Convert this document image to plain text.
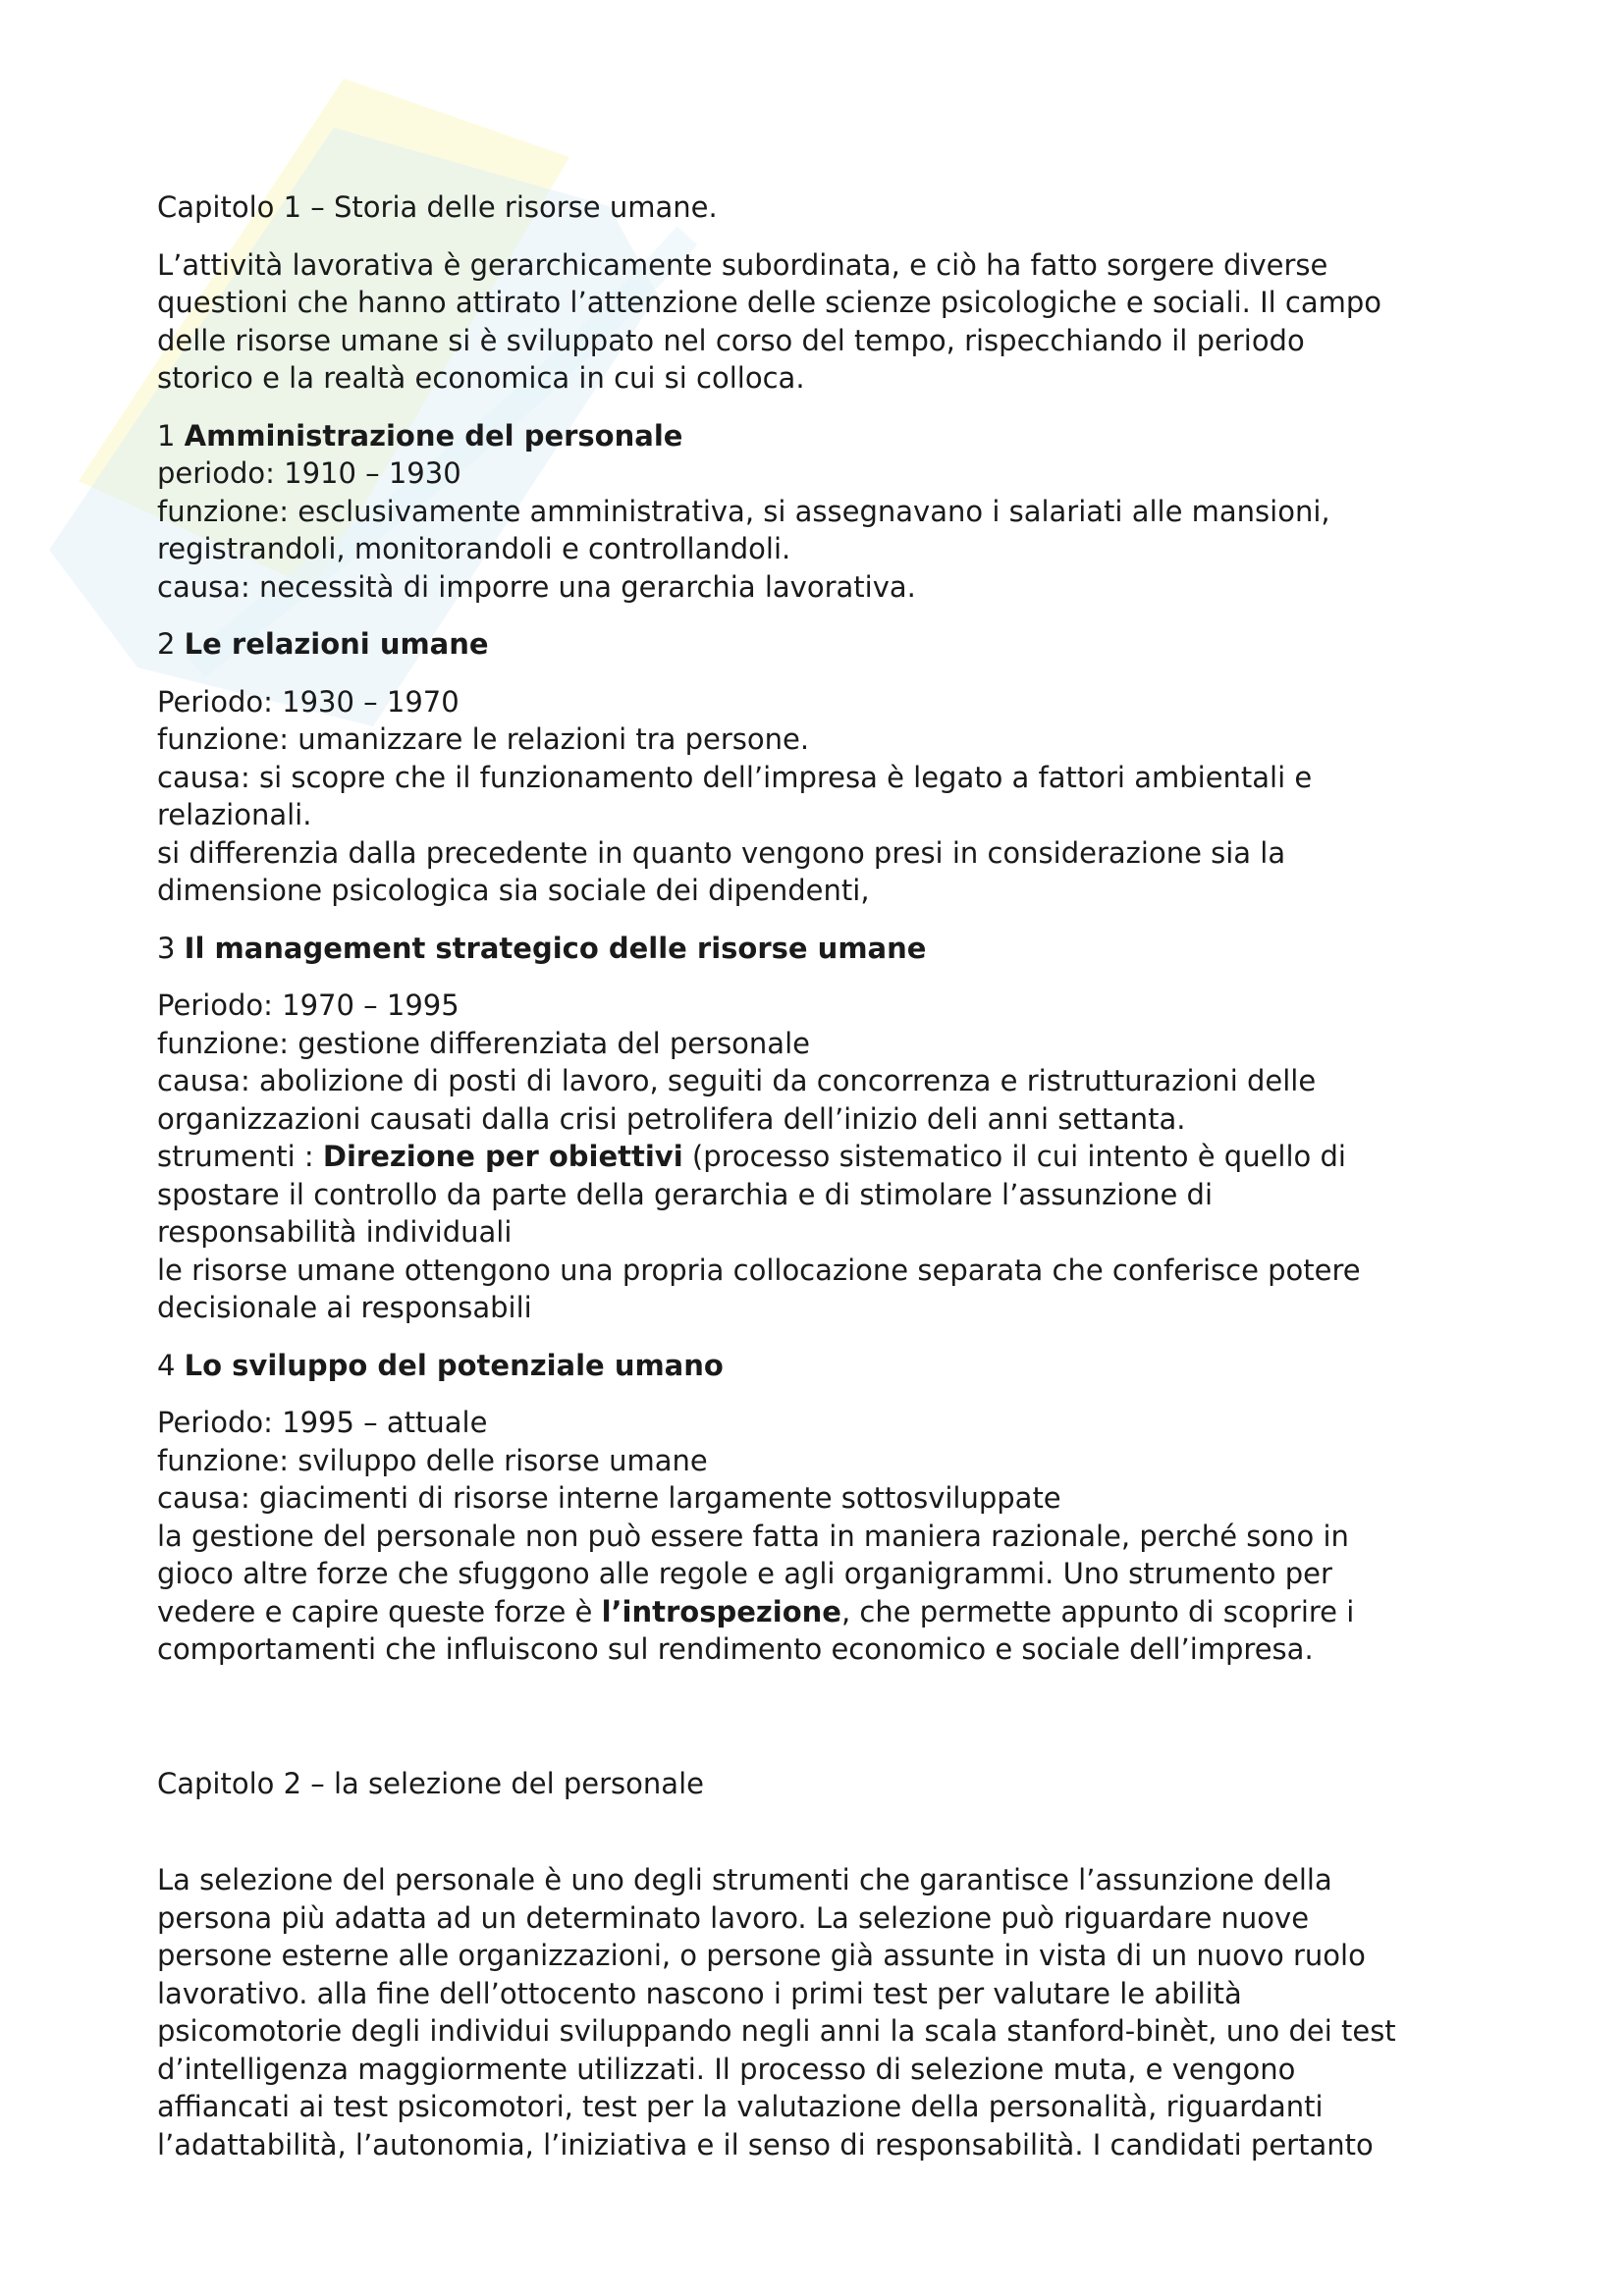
Capitolo 1 – Storia delle risorse umane.

L’attività lavorativa è gerarchicamente subordinata, e ciò ha fatto sorgere diverse
questioni che hanno attirato l’attenzione delle scienze psicologiche e sociali. Il campo
delle risorse umane si è sviluppato nel corso del tempo, rispecchiando il periodo
storico e la realtà economica in cui si colloca.

1 Amministrazione del personale
periodo: 1910 – 1930
funzione: esclusivamente amministrativa, si assegnavano i salariati alle mansioni,
registrandoli, monitorandoli e controllandoli.
causa: necessità di imporre una gerarchia lavorativa.

2 Le relazioni umane

Periodo: 1930 – 1970
funzione: umanizzare le relazioni tra persone.
causa: si scopre che il funzionamento dell’impresa è legato a fattori ambientali e
relazionali.
si differenzia dalla precedente in quanto vengono presi in considerazione sia la
dimensione psicologica sia sociale dei dipendenti,

3 Il management strategico delle risorse umane

Periodo: 1970 – 1995
funzione: gestione differenziata del personale
causa: abolizione di posti di lavoro, seguiti da concorrenza e ristrutturazioni delle
organizzazioni causati dalla crisi petrolifera dell’inizio deli anni settanta.
strumenti : Direzione per obiettivi (processo sistematico il cui intento è quello di
spostare il controllo da parte della gerarchia e di stimolare l’assunzione di
responsabilità individuali
le risorse umane ottengono una propria collocazione separata che conferisce potere
decisionale ai responsabili

4 Lo sviluppo del potenziale umano

Periodo: 1995 – attuale
funzione: sviluppo delle risorse umane
causa: giacimenti di risorse interne largamente sottosviluppate
la gestione del personale non può essere fatta in maniera razionale, perché sono in
gioco altre forze che sfuggono alle regole e agli organigrammi. Uno strumento per
vedere e capire queste forze è l’introspezione, che permette appunto di scoprire i
comportamenti che influiscono sul rendimento economico e sociale dell’impresa.

Capitolo 2 – la selezione del personale

La selezione del personale è uno degli strumenti che garantisce l’assunzione della
persona più adatta ad un determinato lavoro. La selezione può riguardare nuove
persone esterne alle organizzazioni, o persone già assunte in vista di un nuovo ruolo
lavorativo. alla fine dell’ottocento nascono i primi test per valutare le abilità
psicomotorie degli individui sviluppando negli anni la scala stanford-binèt, uno dei test
d’intelligenza maggiormente utilizzati. Il processo di selezione muta, e vengono
affiancati ai test psicomotori, test per la valutazione della personalità, riguardanti
l’adattabilità, l’autonomia, l’iniziativa e il senso di responsabilità. I candidati pertanto
